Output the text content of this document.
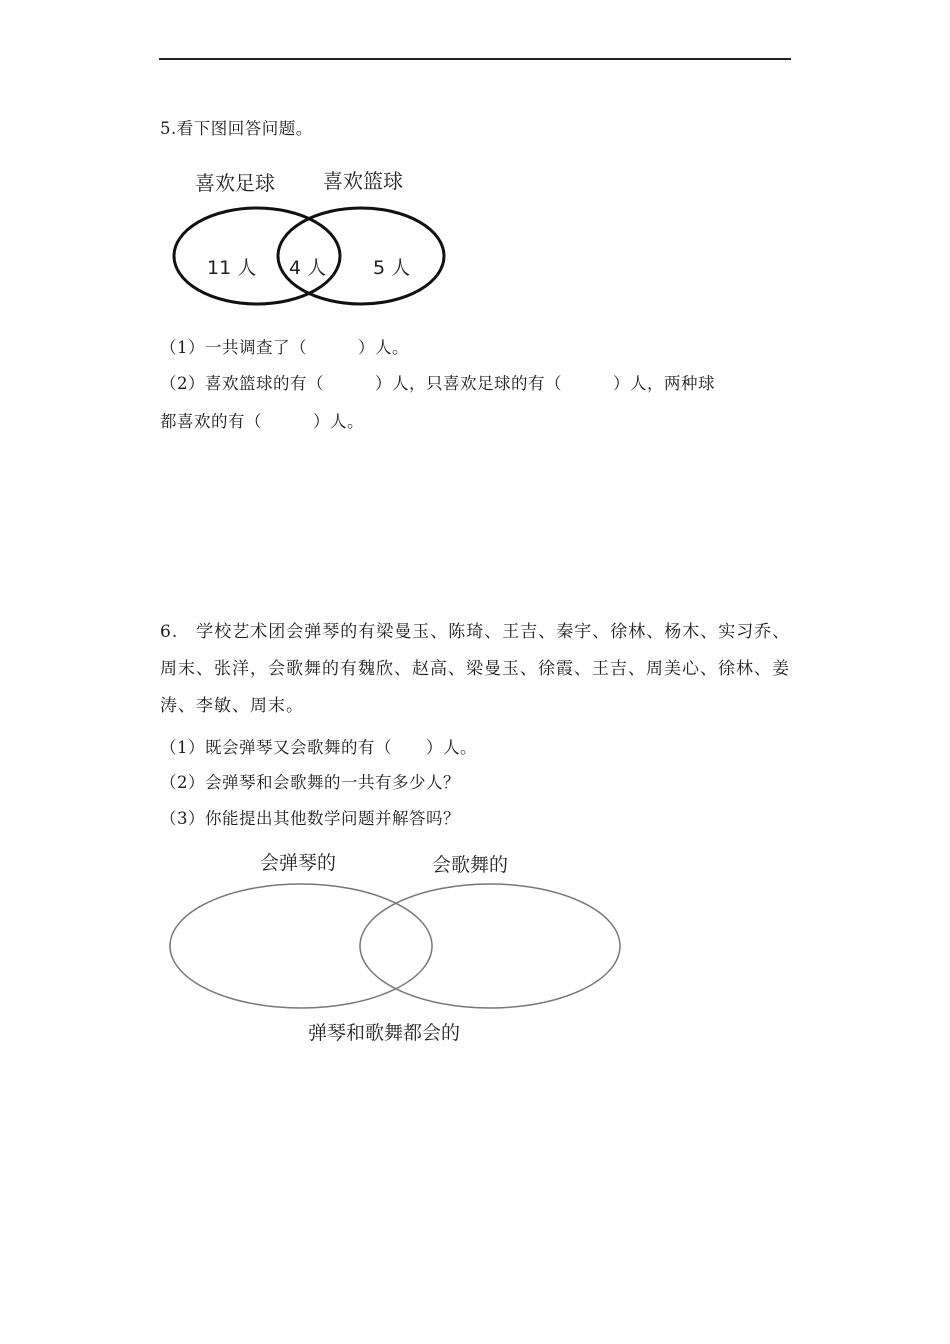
5.看下图回答问题。
喜欢足球 喜欢篮球
11 人 4 人 5 人
（1）一共调查了（　　　）人。
（2）喜欢篮球的有（　　　）人，只喜欢足球的有（　　　）人，两种球
都喜欢的有（　　　）人。
6.　学校艺术团会弹琴的有梁曼玉、陈琦、王吉、秦宇、徐林、杨木、实习乔、周末、张洋，会歌舞的有魏欣、赵高、梁曼玉、徐霞、王吉、周美心、徐林、姜涛、李敏、周末。
（1）既会弹琴又会歌舞的有（　　）人。
（2）会弹琴和会歌舞的一共有多少人？
（3）你能提出其他数学问题并解答吗？
会弹琴的	会歌舞的
弹琴和歌舞都会的
